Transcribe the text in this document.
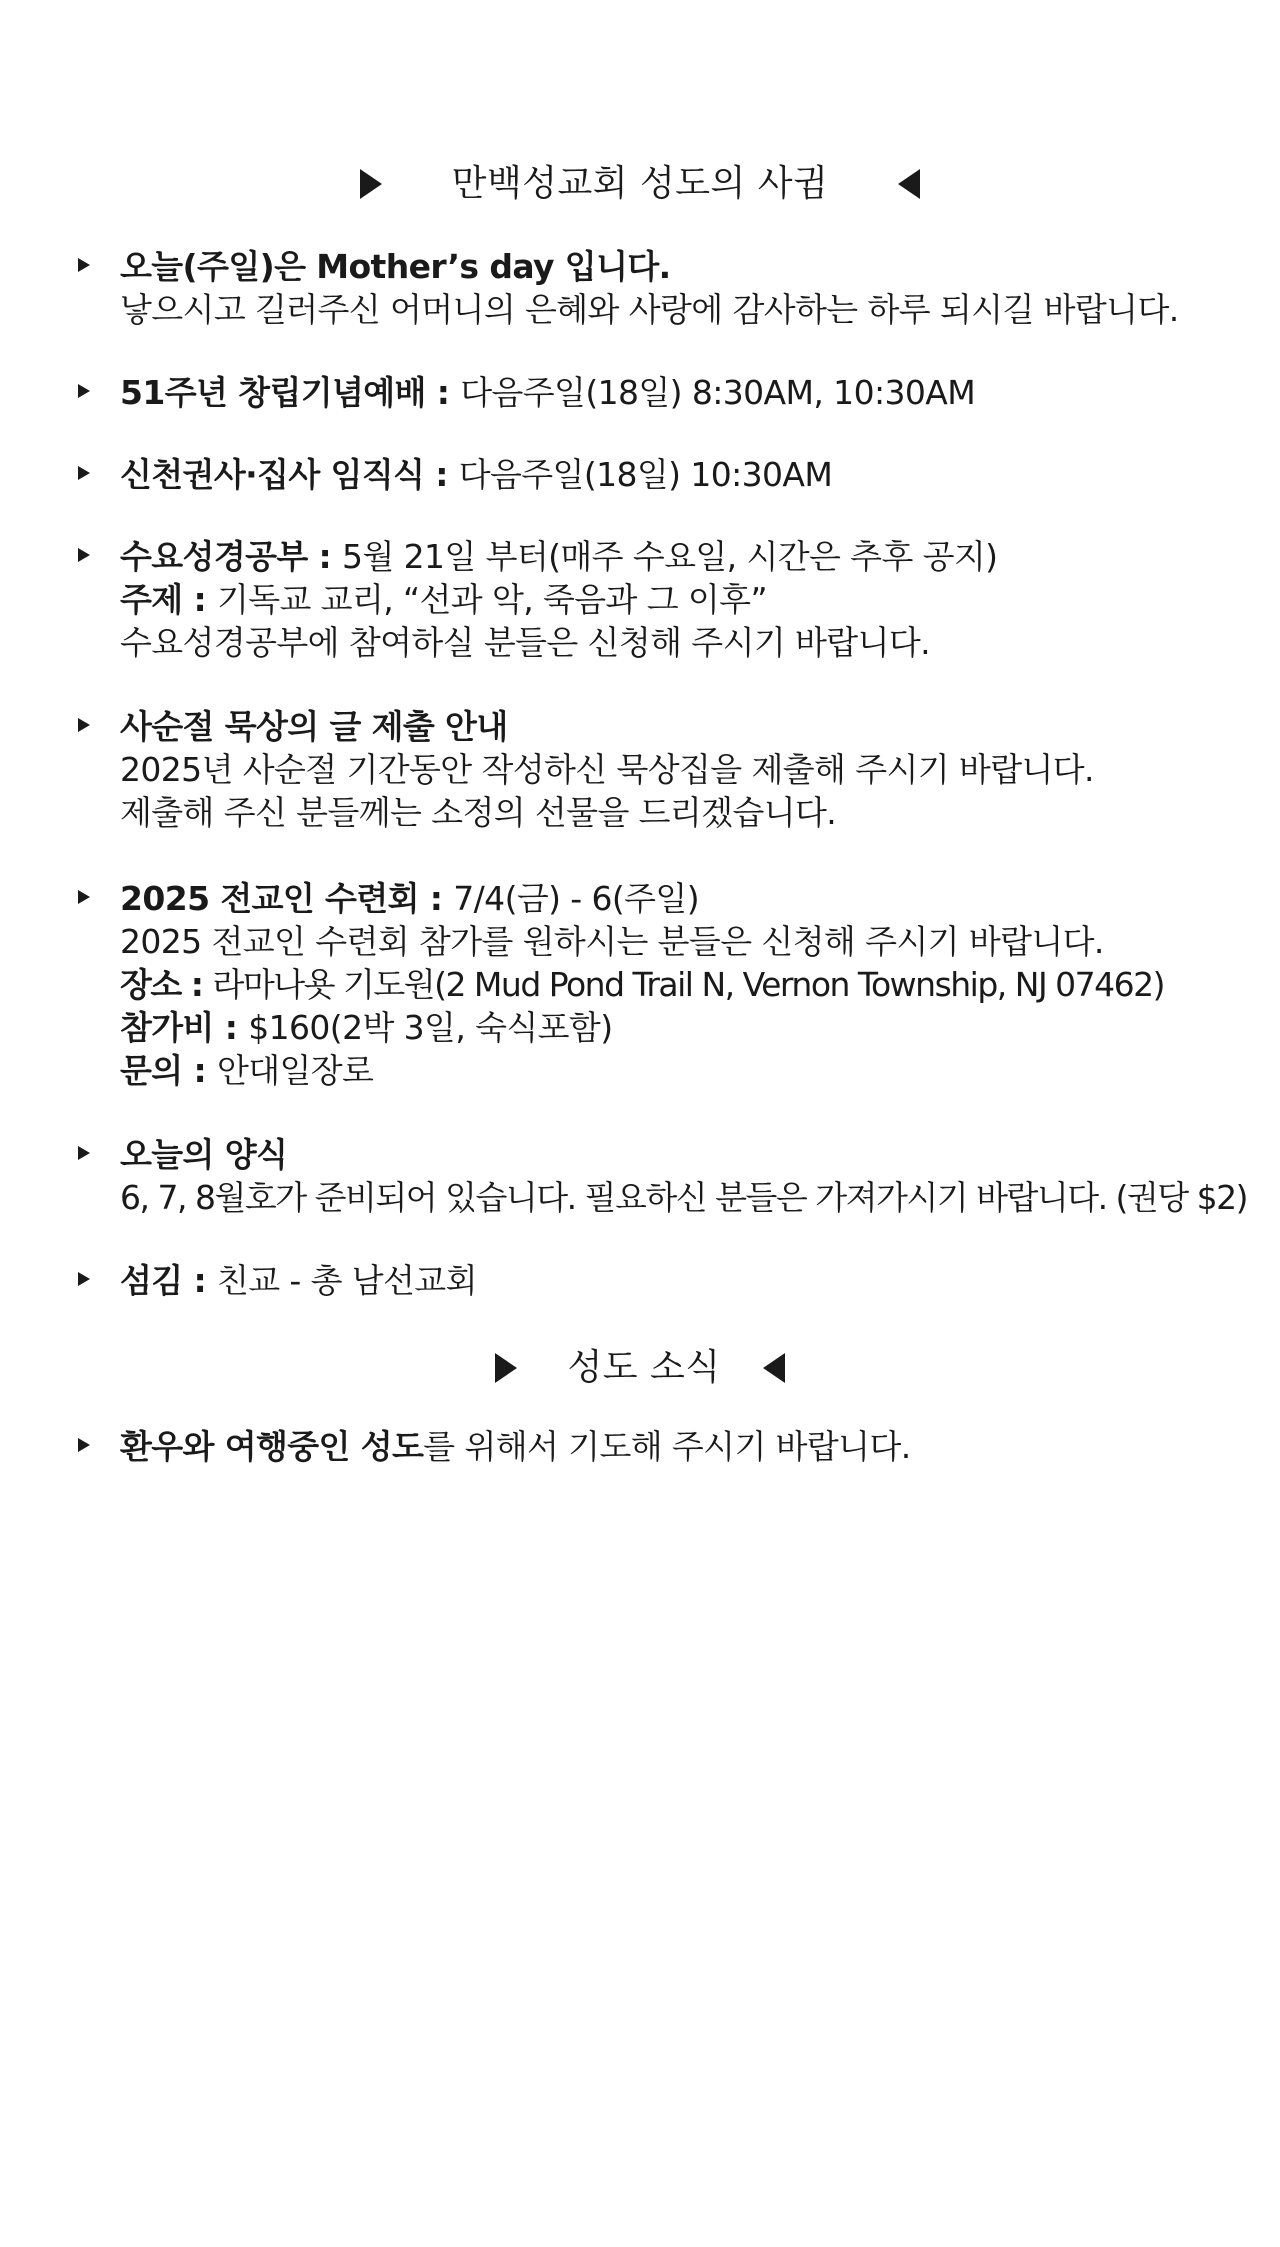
만백성교회 성도의 사귐
오늘(주일)은 Mother’s day 입니다.
낳으시고 길러주신 어머니의 은혜와 사랑에 감사하는 하루 되시길 바랍니다.
51주년 창립기념예배 : 다음주일(18일) 8:30AM, 10:30AM
신천권사·집사 임직식 : 다음주일(18일) 10:30AM
수요성경공부 : 5월 21일 부터(매주 수요일, 시간은 추후 공지)
주제 : 기독교 교리, “선과 악, 죽음과 그 이후”
수요성경공부에 참여하실 분들은 신청해 주시기 바랍니다.
사순절 묵상의 글 제출 안내
2025년 사순절 기간동안 작성하신 묵상집을 제출해 주시기 바랍니다.
제출해 주신 분들께는 소정의 선물을 드리겠습니다.
2025 전교인 수련회 : 7/4(금) - 6(주일)
2025 전교인 수련회 참가를 원하시는 분들은 신청해 주시기 바랍니다.
장소 : 라마나욧 기도원(2 Mud Pond Trail N, Vernon Township, NJ 07462)
참가비 : $160(2박 3일, 숙식포함)
문의 : 안대일장로
오늘의 양식
6, 7, 8월호가 준비되어 있습니다. 필요하신 분들은 가져가시기 바랍니다. (권당 $2)
섬김 : 친교 - 총 남선교회
성도 소식
환우와 여행중인 성도를 위해서 기도해 주시기 바랍니다.
